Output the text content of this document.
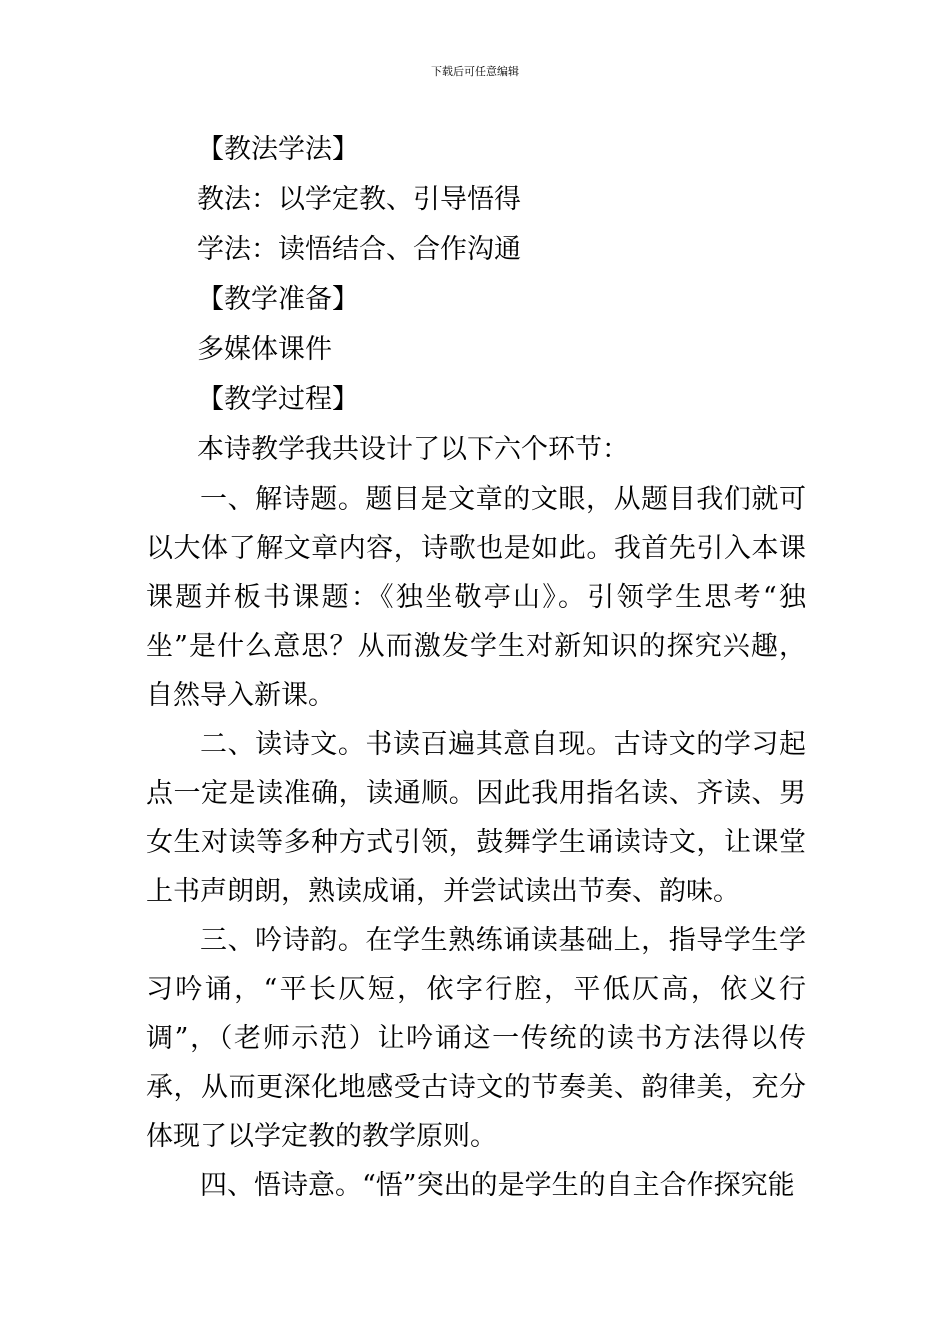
下载后可任意编辑
【教法学法】
教法：以学定教、引导悟得
学法：读悟结合、合作沟通
【教学准备】
多媒体课件
【教学过程】
本诗教学我共设计了以下六个环节：

一、解诗题。题目是文章的文眼，从题目我们就可以大体了解文章内容，诗歌也是如此。我首先引入本课课题并板书课题：《独坐敬亭山》。引领学生思考“独坐”是什么意思？从而激发学生对新知识的探究兴趣，自然导入新课。

二、读诗文。书读百遍其意自现。古诗文的学习起点一定是读准确，读通顺。因此我用指名读、齐读、男女生对读等多种方式引领，鼓舞学生诵读诗文，让课堂上书声朗朗，熟读成诵，并尝试读出节奏、韵味。

三、吟诗韵。在学生熟练诵读基础上，指导学生学习吟诵，“平长仄短，依字行腔，平低仄高，依义行调”，（老师示范）让吟诵这一传统的读书方法得以传承，从而更深化地感受古诗文的节奏美、韵律美，充分体现了以学定教的教学原则。

四、悟诗意。“悟”突出的是学生的自主合作探究能
